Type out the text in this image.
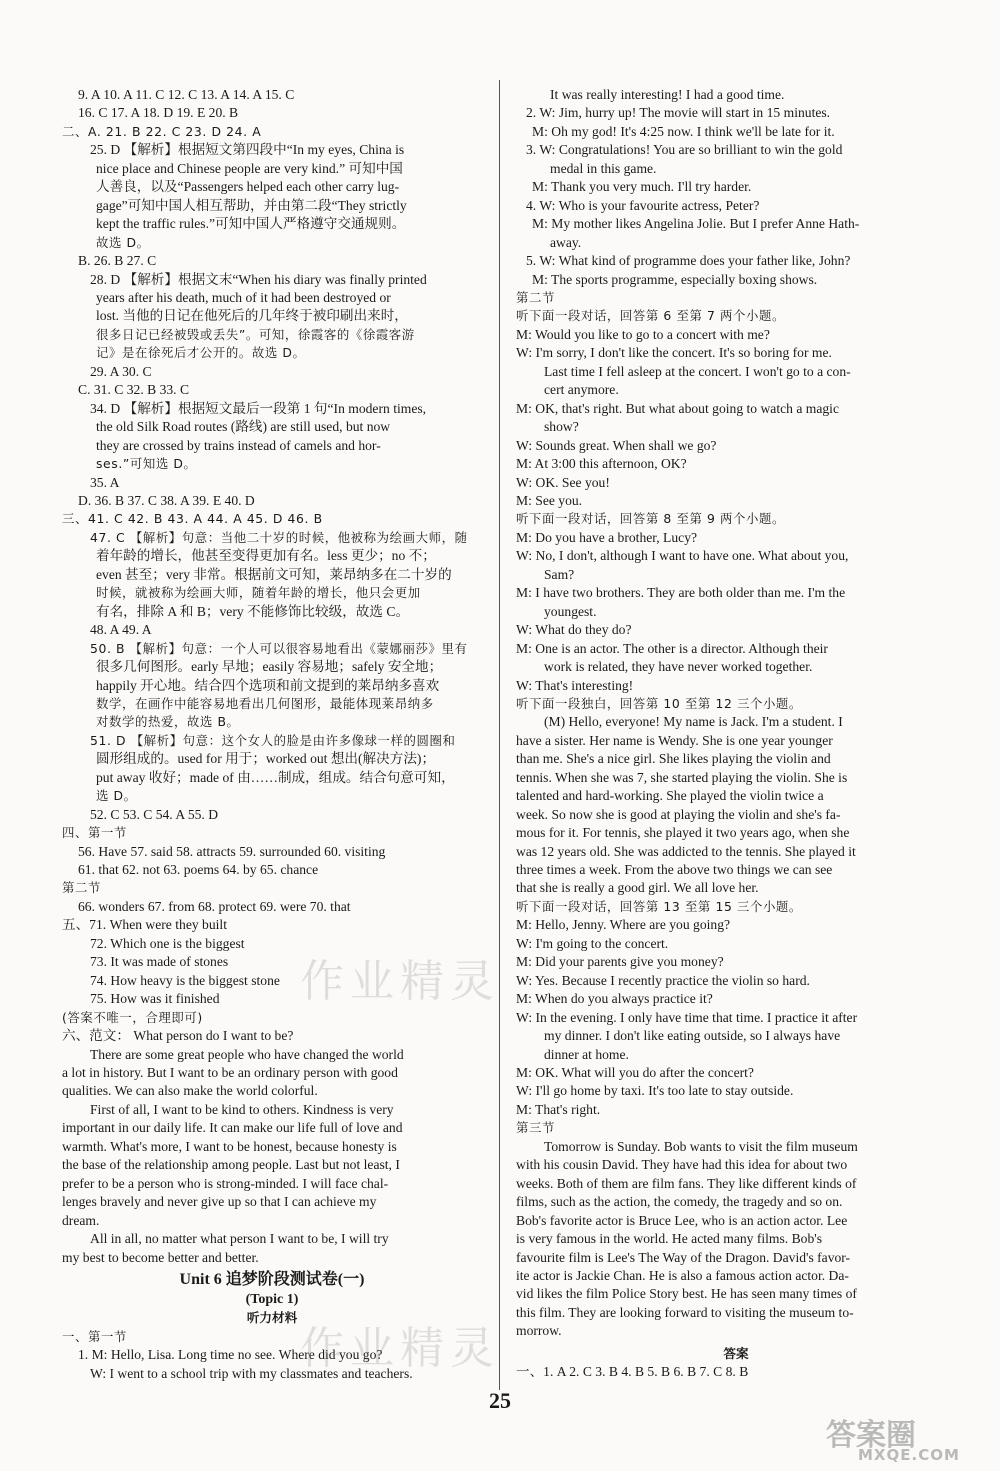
9. A 10. A 11. C 12. C 13. A 14. A 15. C
16. C 17. A 18. D 19. E 20. B
二、A. 21. B 22. C 23. D 24. A
25. D 【解析】根据短文第四段中“In my eyes, China is
nice place and Chinese people are very kind.” 可知中国
人善良，以及“Passengers helped each other carry lug-
gage”可知中国人相互帮助，并由第二段“They strictly
kept the traffic rules.”可知中国人严格遵守交通规则。
故选 D。
B. 26. B 27. C
28. D 【解析】根据文末“When his diary was finally printed
years after his death, much of it had been destroyed or
lost. 当他的日记在他死后的几年终于被印刷出来时，
很多日记已经被毁或丢失”。可知，徐霞客的《徐霞客游
记》是在徐死后才公开的。故选 D。
29. A 30. C
C. 31. C 32. B 33. C
34. D 【解析】根据短文最后一段第 1 句“In modern times,
the old Silk Road routes (路线) are still used, but now
they are crossed by trains instead of camels and hor-
ses.”可知选 D。
35. A
D. 36. B 37. C 38. A 39. E 40. D
三、41. C 42. B 43. A 44. A 45. D 46. B
47. C 【解析】句意：当他二十岁的时候，他被称为绘画大师，随
着年龄的增长，他甚至变得更加有名。less 更少；no 不；
even 甚至；very 非常。根据前文可知，莱昂纳多在二十岁的
时候，就被称为绘画大师，随着年龄的增长，他只会更加
有名，排除 A 和 B；very 不能修饰比较级，故选 C。
48. A 49. A
50. B 【解析】句意：一个人可以很容易地看出《蒙娜丽莎》里有
很多几何图形。early 早地；easily 容易地；safely 安全地；
happily 开心地。结合四个选项和前文提到的莱昂纳多喜欢
数学，在画作中能容易地看出几何图形，最能体现莱昂纳多
对数学的热爱，故选 B。
51. D 【解析】句意：这个女人的脸是由许多像球一样的圆圈和
圆形组成的。used for 用于；worked out 想出(解决方法)；
put away 收好；made of 由……制成，组成。结合句意可知，
选 D。
52. C 53. C 54. A 55. D
四、第一节
56. Have 57. said 58. attracts 59. surrounded 60. visiting
61. that 62. not 63. poems 64. by 65. chance
第二节
66. wonders 67. from 68. protect 69. were 70. that
五、71. When were they built
72. Which one is the biggest
73. It was made of stones
74. How heavy is the biggest stone
75. How was it finished
(答案不唯一，合理即可)
六、范文： What person do I want to be?
There are some great people who have changed the world
a lot in history. But I want to be an ordinary person with good
qualities. We can also make the world colorful.
First of all, I want to be kind to others. Kindness is very
important in our daily life. It can make our life full of love and
warmth. What's more, I want to be honest, because honesty is
the base of the relationship among people. Last but not least, I
prefer to be a person who is strong-minded. I will face chal-
lenges bravely and never give up so that I can achieve my
dream.
All in all, no matter what person I want to be, I will try
my best to become better and better.
Unit 6 追梦阶段测试卷(一)
(Topic 1)
听力材料
一、第一节
1. M: Hello, Lisa. Long time no see. Where did you go?
W: I went to a school trip with my classmates and teachers.
It was really interesting! I had a good time.
2. W: Jim, hurry up! The movie will start in 15 minutes.
M: Oh my god! It's 4:25 now. I think we'll be late for it.
3. W: Congratulations! You are so brilliant to win the gold
medal in this game.
M: Thank you very much. I'll try harder.
4. W: Who is your favourite actress, Peter?
M: My mother likes Angelina Jolie. But I prefer Anne Hath-
away.
5. W: What kind of programme does your father like, John?
M: The sports programme, especially boxing shows.
第二节
听下面一段对话，回答第 6 至第 7 两个小题。
M: Would you like to go to a concert with me?
W: I'm sorry, I don't like the concert. It's so boring for me.
Last time I fell asleep at the concert. I won't go to a con-
cert anymore.
M: OK, that's right. But what about going to watch a magic
show?
W: Sounds great. When shall we go?
M: At 3:00 this afternoon, OK?
W: OK. See you!
M: See you.
听下面一段对话，回答第 8 至第 9 两个小题。
M: Do you have a brother, Lucy?
W: No, I don't, although I want to have one. What about you,
Sam?
M: I have two brothers. They are both older than me. I'm the
youngest.
W: What do they do?
M: One is an actor. The other is a director. Although their
work is related, they have never worked together.
W: That's interesting!
听下面一段独白，回答第 10 至第 12 三个小题。
(M) Hello, everyone! My name is Jack. I'm a student. I
have a sister. Her name is Wendy. She is one year younger
than me. She's a nice girl. She likes playing the violin and
tennis. When she was 7, she started playing the violin. She is
talented and hard-working. She played the violin twice a
week. So now she is good at playing the violin and she's fa-
mous for it. For tennis, she played it two years ago, when she
was 12 years old. She was addicted to the tennis. She played it
three times a week. From the above two things we can see
that she is really a good girl. We all love her.
听下面一段对话，回答第 13 至第 15 三个小题。
M: Hello, Jenny. Where are you going?
W: I'm going to the concert.
M: Did your parents give you money?
W: Yes. Because I recently practice the violin so hard.
M: When do you always practice it?
W: In the evening. I only have time that time. I practice it after
my dinner. I don't like eating outside, so I always have
dinner at home.
M: OK. What will you do after the concert?
W: I'll go home by taxi. It's too late to stay outside.
M: That's right.
第三节
Tomorrow is Sunday. Bob wants to visit the film museum
with his cousin David. They have had this idea for about two
weeks. Both of them are film fans. They like different kinds of
films, such as the action, the comedy, the tragedy and so on.
Bob's favorite actor is Bruce Lee, who is an action actor. Lee
is very famous in the world. He acted many films. Bob's
favourite film is Lee's The Way of the Dragon. David's favor-
ite actor is Jackie Chan. He is also a famous action actor. Da-
vid likes the film Police Story best. He has seen many times of
this film. They are looking forward to visiting the museum to-
morrow.
答案
一、1. A 2. C 3. B 4. B 5. B 6. B 7. C 8. B
25
作业精灵
作业精灵
答案圈
MXQE.COM
